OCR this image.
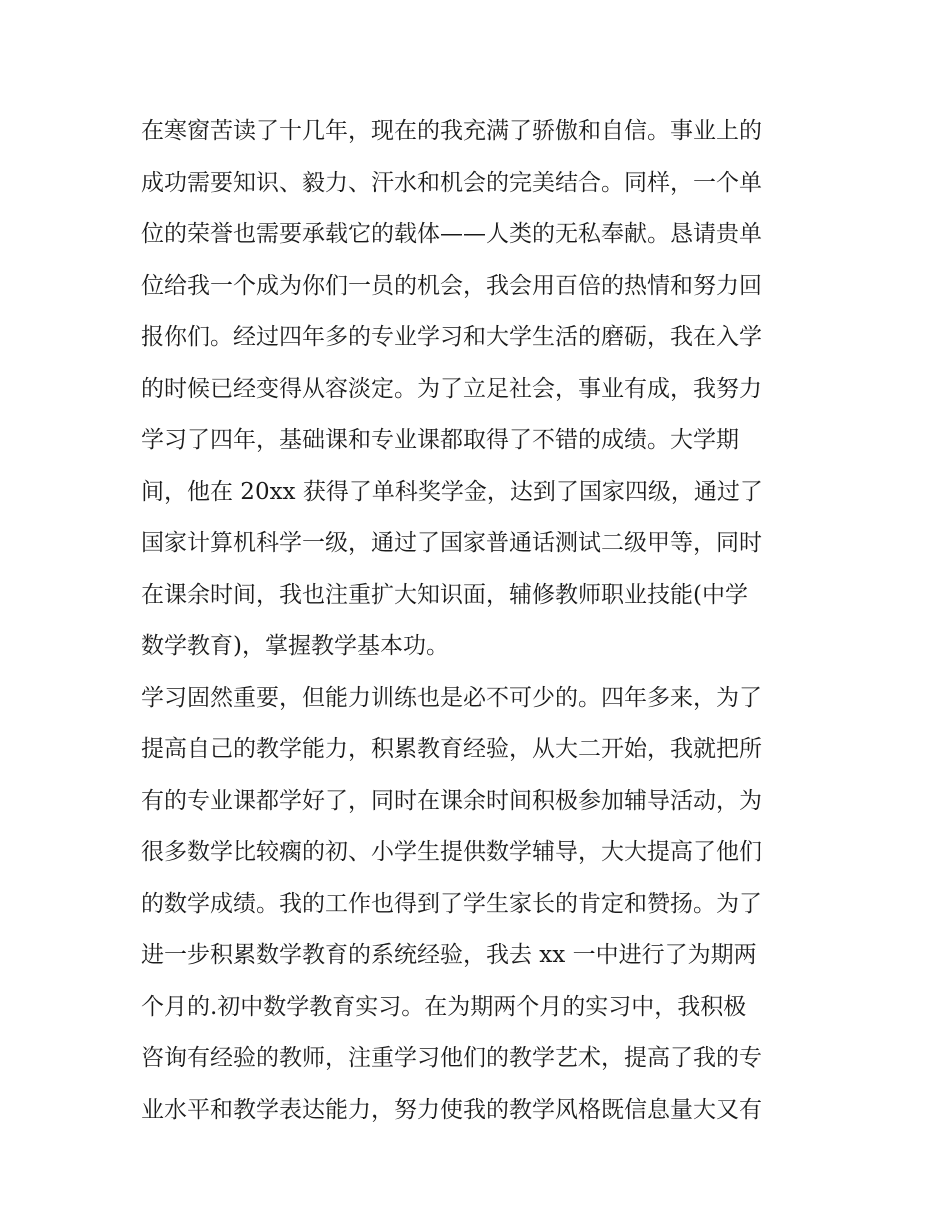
在寒窗苦读了十几年，现在的我充满了骄傲和自信。事业上的
成功需要知识、毅力、汗水和机会的完美结合。同样，一个单
位的荣誉也需要承载它的载体——人类的无私奉献。恳请贵单
位给我一个成为你们一员的机会，我会用百倍的热情和努力回
报你们。经过四年多的专业学习和大学生活的磨砺，我在入学
的时候已经变得从容淡定。为了立足社会，事业有成，我努力
学习了四年，基础课和专业课都取得了不错的成绩。大学期
间，他在 20xx 获得了单科奖学金，达到了国家四级，通过了
国家计算机科学一级，通过了国家普通话测试二级甲等，同时
在课余时间，我也注重扩大知识面，辅修教师职业技能(中学
数学教育)，掌握教学基本功。
学习固然重要，但能力训练也是必不可少的。四年多来，为了
提高自己的教学能力，积累教育经验，从大二开始，我就把所
有的专业课都学好了，同时在课余时间积极参加辅导活动，为
很多数学比较瘸的初、小学生提供数学辅导，大大提高了他们
的数学成绩。我的工作也得到了学生家长的肯定和赞扬。为了
进一步积累数学教育的系统经验，我去 xx 一中进行了为期两
个月的.初中数学教育实习。在为期两个月的实习中，我积极
咨询有经验的教师，注重学习他们的教学艺术，提高了我的专
业水平和教学表达能力，努力使我的教学风格既信息量大又有
